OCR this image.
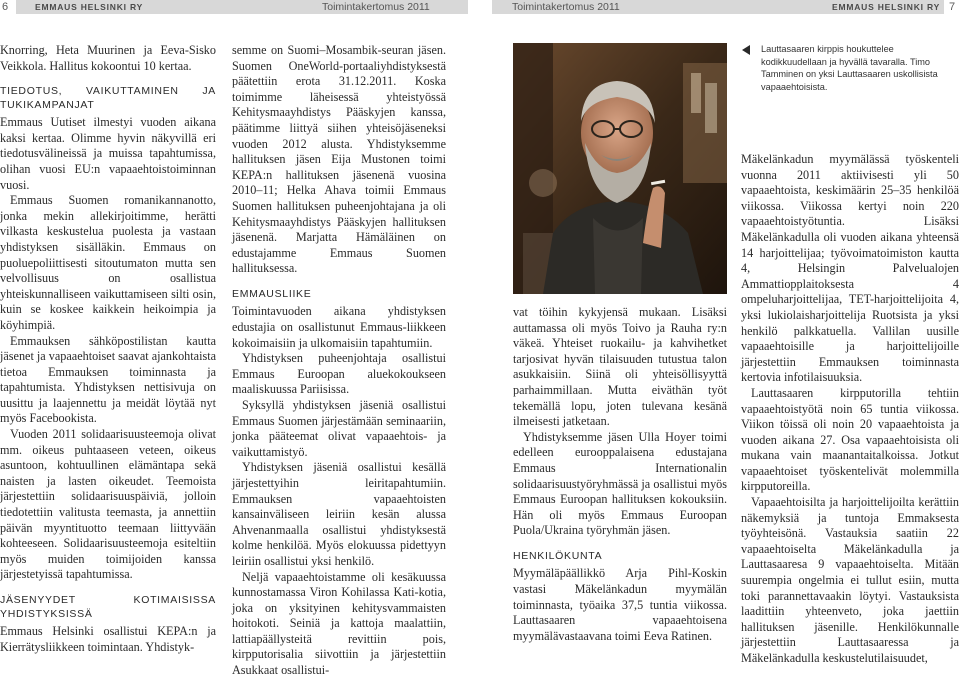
6	EMMAUS HELSINKI RY	Toimintakertomus 2011	Toimintakertomus 2011	EMMAUS HELSINKI RY 7

Knorring, Heta Muurinen ja Eeva-Sisko Veikkola. Hallitus kokoontui 10 kertaa.

TIEDOTUS, VAIKUTTAMINEN JA TUKIKAMPANJAT

Emmaus Uutiset ilmestyi vuoden aikana kaksi kertaa. Olimme hyvin näkyvillä eri tiedotusvälineissä ja muissa tapahtumissa, olihan vuosi EU:n vapaaehtoistoiminnan vuosi.

Emmaus Suomen romanikannanotto, jonka mekin allekirjoitimme, herätti vilkasta keskustelua puolesta ja vastaan yhdistyksen sisälläkin. Emmaus on puoluepoliittisesti sitoutumaton mutta sen velvollisuus on osallistua yhteiskunnalliseen vaikuttamiseen silti osin, kuin se koskee kaikkein heikoimpia ja köyhimpiä.

Emmauksen sähköpostilistan kautta jäsenet ja vapaaehtoiset saavat ajankohtaista tietoa Emmauksen toiminnasta ja tapahtumista. Yhdistyksen nettisivuja on uusittu ja laajennettu ja meidät löytää nyt myös Facebookista.

Vuoden 2011 solidaarisuusteemoja olivat mm. oikeus puhtaaseen veteen, oikeus asuntoon, kohtuullinen elämäntapa sekä naisten ja lasten oikeudet. Teemoista järjestettiin solidaarisuuspäiviä, jolloin tiedotettiin valitusta teemasta, ja annettiin päivän myyntituotto teemaan liittyvään kohteeseen. Solidaarisuusteemoja esiteltiin myös muiden toimijoiden kanssa järjestetyissä tapahtumissa.

JÄSENYYDET KOTIMAISISSA YHDISTYKSISSÄ

Emmaus Helsinki osallistui KEPA:n ja Kierrätysliikkeen toimintaan. Yhdistyk-

semme on Suomi–Mosambik-seuran jäsen. Suomen OneWorld-portaaliyhdistyksestä päätettiin erota 31.12.2011. Koska toimimme läheisessä yhteistyössä Kehitysmaayhdistys Pääskyjen kanssa, päätimme liittyä siihen yhteisöjäseneksi vuoden 2012 alusta. Yhdistyksemme hallituksen jäsen Eija Mustonen toimi KEPA:n hallituksen jäsenenä vuosina 2010–11; Helka Ahava toimii Emmaus Suomen hallituksen puheenjohtajana ja oli Kehitysmaayhdistys Pääskyjen hallituksen jäsenenä. Marjatta Hämäläinen on edustajamme Emmaus Suomen hallituksessa.

EMMAUSLIIKE

Toimintavuoden aikana yhdistyksen edustajia on osallistunut Emmaus-liikkeen kokoimaisiin ja ulkomaisiin tapahtumiin.

Yhdistyksen puheenjohtaja osallistui Emmaus Euroopan aluekokoukseen maaliskuussa Pariisissa.

Syksyllä yhdistyksen jäseniä osallistui Emmaus Suomen järjestämään seminaariin, jonka pääteemat olivat vapaaehtois- ja vaikuttamistyö.

Yhdistyksen jäseniä osallistui kesällä järjestettyihin leiritapahtumiin. Emmauksen vapaaehtoisten kansainväliseen leiriin kesän alussa Ahvenanmaalla osallistui yhdistyksestä kolme henkilöä. Myös elokuussa pidettyyn leiriin osallistui yksi henkilö.

Neljä vapaaehtoistamme oli kesäkuussa kunnostamassa Viron Kohilassa Kati-kotia, joka on yksityinen kehitysvammaisten hoitokoti. Seiniä ja kattoja maalattiin, lattiapäällysteitä revittiin pois, kirpputorisalia siivottiin ja järjestettiin Asukkaat osallistui-

Lauttasaaren kirppis houkuttelee kodikkuudellaan ja hyvällä tavaralla. Timo Tamminen on yksi Lauttasaaren uskollisista vapaaehtoisista.

vat töihin kykyjensä mukaan. Lisäksi auttamassa oli myös Toivo ja Rauha ry:n väkeä. Yhteiset ruokailu- ja kahvihetket tarjosivat hyvän tilaisuuden tutustua talon asukkaisiin. Siinä oli yhteisöllisyyttä parhaimmillaan. Mutta eiväthän työt tekemällä lopu, joten tulevana kesänä ilmeisesti jatketaan.

Yhdistyksemme jäsen Ulla Hoyer toimi edelleen eurooppalaisena edustajana Emmaus Internationalin solidaarisuustyöryhmässä ja osallistui myös Emmaus Euroopan hallituksen kokouksiin. Hän oli myös Emmaus Euroopan Puola/Ukraina työryhmän jäsen.

HENKILÖKUNTA

Myymäläpäällikkö Arja Pihl-Koskin vastasi Mäkelänkadun myymälän toiminnasta, työaika 37,5 tuntia viikossa. Lauttasaaren vapaaehtoisena myymälävastaavana toimi Eeva Ratinen.

Mäkelänkadun myymälässä työskenteli vuonna 2011 aktiivisesti yli 50 vapaaehtoista, keskimäärin 25–35 henkilöä viikossa. Viikossa kertyi noin 220 vapaaehtoistyötuntia. Lisäksi Mäkelänkadulla oli vuoden aikana yhteensä 14 harjoittelijaa; työvoimatoimiston kautta 4, Helsingin Palvelualojen Ammattiopplaitoksesta 4 ompeluharjoittelijaa, TET-harjoittelijoita 4, yksi lukiolaisharjoittelija Ruotsista ja yksi henkilö palkkatuella. Vallilan uusille vapaaehtoisille ja harjoittelijoille järjestettiin Emmauksen toiminnasta kertovia infotilaisuuksia.

Lauttasaaren kirpputorilla tehtiin vapaaehtoistyötä noin 65 tuntia viikossa. Viikon töissä oli noin 20 vapaaehtoista ja vuoden aikana 27. Osa vapaaehtoisista oli mukana vain maanantaitalkoissa. Jotkut vapaaehtoiset työskentelivät molemmilla kirpputoreilla.

Vapaaehtoisilta ja harjoittelijoilta kerättiin näkemyksiä ja tuntoja Emmaksesta työyhteisönä. Vastauksia saatiin 22 vapaaehtoiselta Mäkelänkadulla ja Lauttasaaresa 9 vapaaehtoiselta. Mitään suurempia ongelmia ei tullut esiin, mutta toki parannettavaakin löytyi. Vastauksista laadittiin yhteenveto, joka jaettiin hallituksen jäsenille. Henkilökunnalle järjestettiin Lauttasaaressa ja Mäkelänkadulla keskustelutilaisuudet,
